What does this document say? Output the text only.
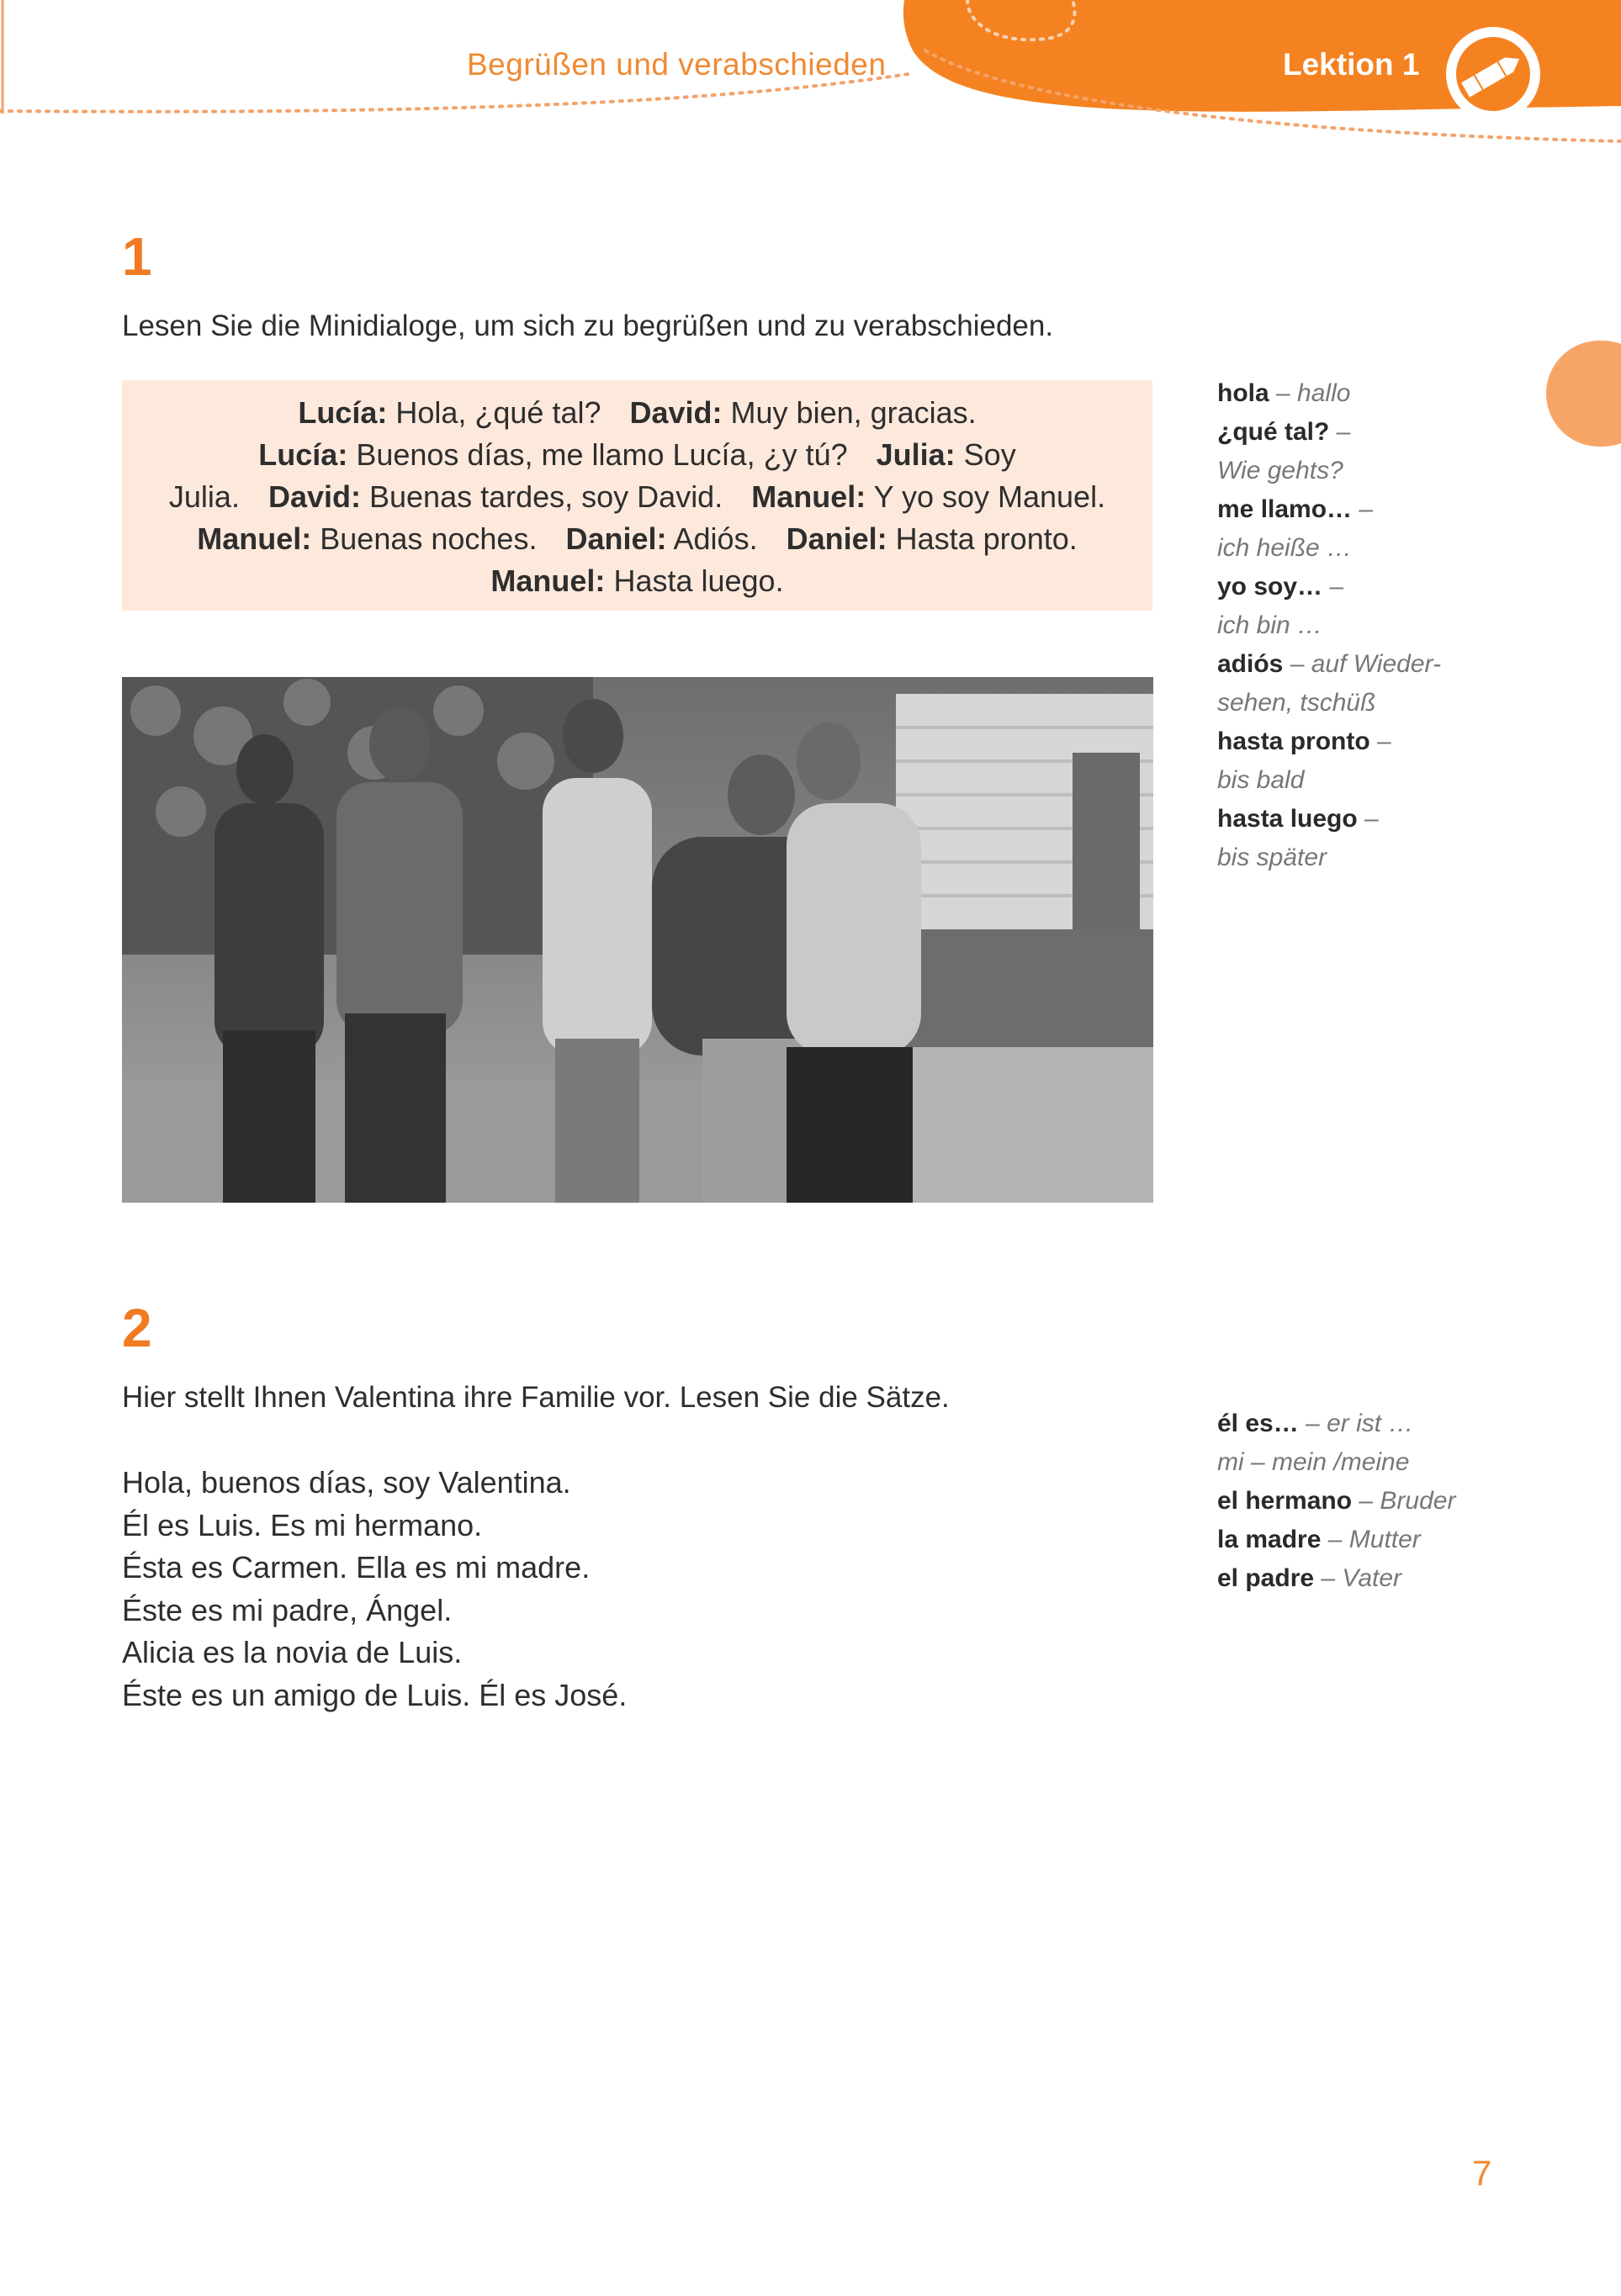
Begrüßen und verabschieden	Lektion 1
1
Lesen Sie die Minidialoge, um sich zu begrüßen und zu verabschieden.
Lucía: Hola, ¿qué tal? David: Muy bien, gracias.
Lucía: Buenos días, me llamo Lucía, ¿y tú? Julia: Soy
Julia. David: Buenas tardes, soy David. Manuel: Y yo soy Manuel.
Manuel: Buenas noches. Daniel: Adiós. Daniel: Hasta pronto.
Manuel: Hasta luego.
hola – hallo
¿qué tal? –
Wie gehts?
me llamo… –
ich heiße …
yo soy… –
ich bin …
adiós – auf Wieder-
sehen, tschüß
hasta pronto –
bis bald
hasta luego –
bis später
2
Hier stellt Ihnen Valentina ihre Familie vor. Lesen Sie die Sätze.
Hola, buenos días, soy Valentina.
Él es Luis. Es mi hermano.
Ésta es Carmen. Ella es mi madre.
Éste es mi padre, Ángel.
Alicia es la novia de Luis.
Éste es un amigo de Luis. Él es José.
él es… – er ist …
mi – mein /meine
el hermano – Bruder
la madre – Mutter
el padre – Vater
7
